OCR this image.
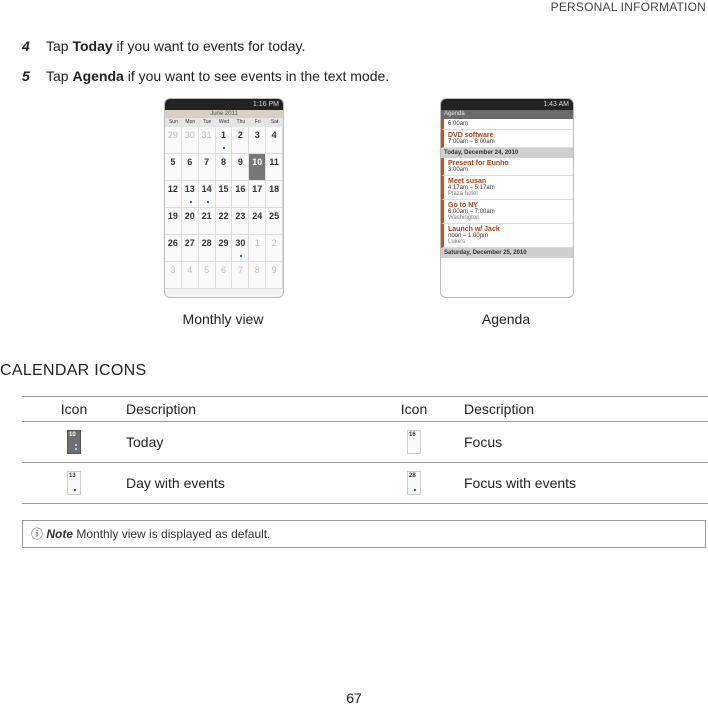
PERSONAL INFORMATION
4 Tap Today if you want to events for today.
5 Tap Agenda if you want to see events in the text mode.
1:16 PM
June 2011
Sun	Mon	Tue	Wed	Thu	Fri	Sat
29 30 31	1	2	3	4
5	6	7	8	9	10 11
12 13 14 15 16 17 18
19 20 21 22 23 24 25
26 27 28 29 30	1	2
3	4	5	6	7	8	9
1:43 AM
Agenda
6:00am
DVD software
7:00am – 8:00am
Today, December 24, 2010
Present for Eunho
3:00am
Meet susan
4:17am – 5:17am
Plaza hotel
Go to NY
6:00am – 7:00am
Washington
Launch w/ Jack
noon – 1:00pm
Luke's
Saturday, December 25, 2010
Monthly view	Agenda
CALENDAR ICONS
Icon	Description	Icon	Description
10	Today	16	Focus
13	Day with events	28	Focus with events
ⓘ Note Monthly view is displayed as default.
67
